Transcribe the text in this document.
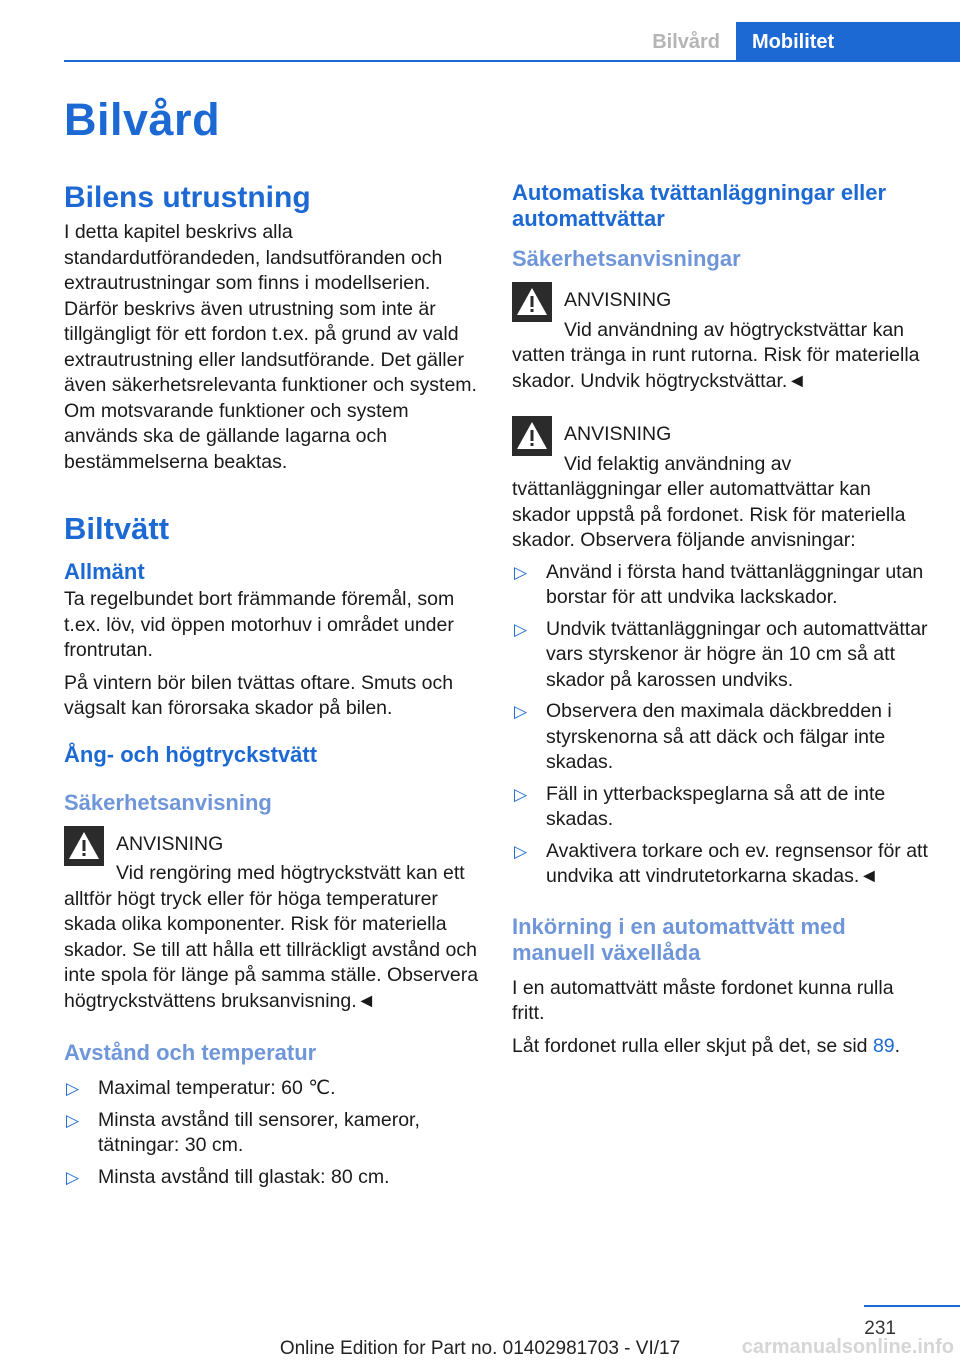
Bilvård	Mobilitet
Bilvård
Bilens utrustning

I detta kapitel beskrivs alla standardutförandeden, landsutföranden och extrautrustningar som finns i modellserien. Därför beskrivs även utrustning som inte är tillgängligt för ett fordon t.ex. på grund av vald extrautrustning eller landsutförande. Det gäller även säkerhetsrelevanta funktioner och system. Om motsvarande funktioner och system används ska de gällande lagarna och bestämmelserna beaktas.

Biltvätt
Allmänt

Ta regelbundet bort främmande föremål, som t.ex. löv, vid öppen motorhuv i området under frontrutan.

På vintern bör bilen tvättas oftare. Smuts och vägsalt kan förorsaka skador på bilen.

Ång- och högtryckstvätt
Säkerhetsanvisning
ANVISNING
Vid rengöring med högtryckstvätt kan ett alltför högt tryck eller för höga temperaturer skada olika komponenter. Risk för materiella skador. Se till att hålla ett tillräckligt avstånd och inte spola för länge på samma ställe. Observera högtryckstvättens bruksanvisning.◄
Avstånd och temperatur
▷ Maximal temperatur: 60 ℃.
▷ Minsta avstånd till sensorer, kameror, tätningar: 30 cm.
▷ Minsta avstånd till glastak: 80 cm.
Automatiska tvättanläggningar eller automattvättar
Säkerhetsanvisningar
ANVISNING
Vid användning av högtryckstvättar kan vatten tränga in runt rutorna. Risk för materiella skador. Undvik högtryckstvättar.◄
ANVISNING
Vid felaktig användning av tvättanläggningar eller automattvättar kan skador uppstå på fordonet. Risk för materiella skador. Observera följande anvisningar:
▷ Använd i första hand tvättanläggningar utan borstar för att undvika lackskador.
▷ Undvik tvättanläggningar och automattvättar vars styrskenor är högre än 10 cm så att skador på karossen undviks.
▷ Observera den maximala däckbredden i styrskenorna så att däck och fälgar inte skadas.
▷ Fäll in ytterbackspeglarna så att de inte skadas.
▷ Avaktivera torkare och ev. regnsensor för att undvika att vindrutetorkarna skadas.◄
Inkörning i en automattvätt med manuell växellåda

I en automattvätt måste fordonet kunna rulla fritt.

Låt fordonet rulla eller skjut på det, se sid 89.

231
Online Edition for Part no. 01402981703 - VI/17	carmanualsonline.info
